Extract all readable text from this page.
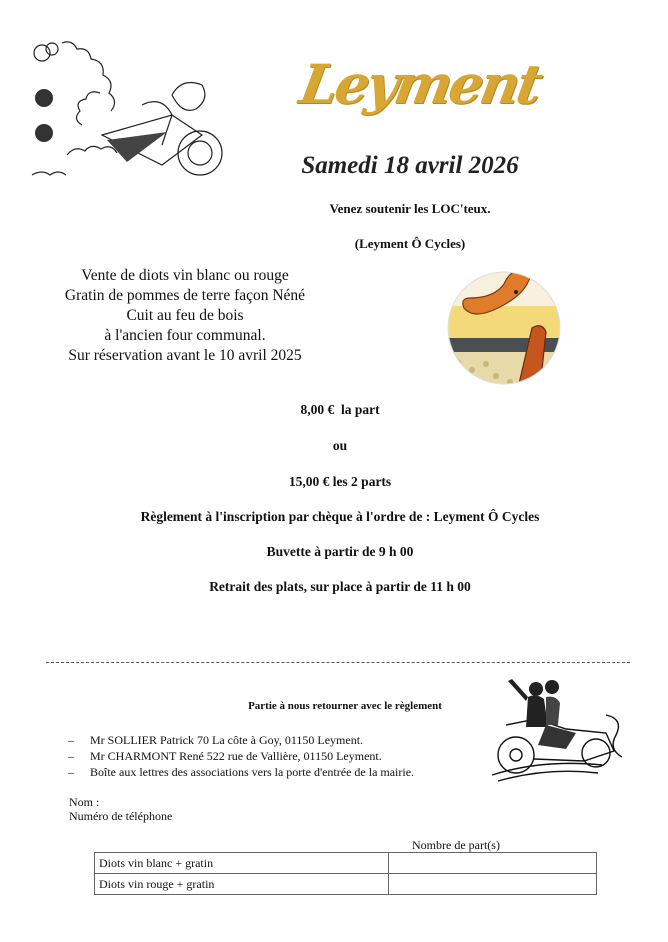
Leyment
Samedi 18 avril 2026
Venez soutenir les LOC'teux.
(Leyment Ô Cycles)
Vente de diots vin blanc ou rouge
Gratin de pommes de terre façon Néné
Cuit au feu de bois
à l'ancien four communal.
Sur réservation avant le 10 avril 2025
8,00 €  la part
ou
15,00 € les 2 parts
Règlement à l'inscription par chèque à l'ordre de : Leyment Ô Cycles
Buvette à partir de 9 h 00
Retrait des plats, sur place à partir de 11 h 00
Partie à nous retourner avec le règlement
– Mr SOLLIER Patrick 70 La côte à Goy, 01150 Leyment.
– Mr CHARMONT René 522 rue de Vallière, 01150 Leyment.
– Boîte aux lettres des associations vers la porte d'entrée de la mairie.
Nom :
Numéro de téléphone
Nombre de part(s)
Diots vin blanc + gratin	
Diots vin rouge + gratin	
